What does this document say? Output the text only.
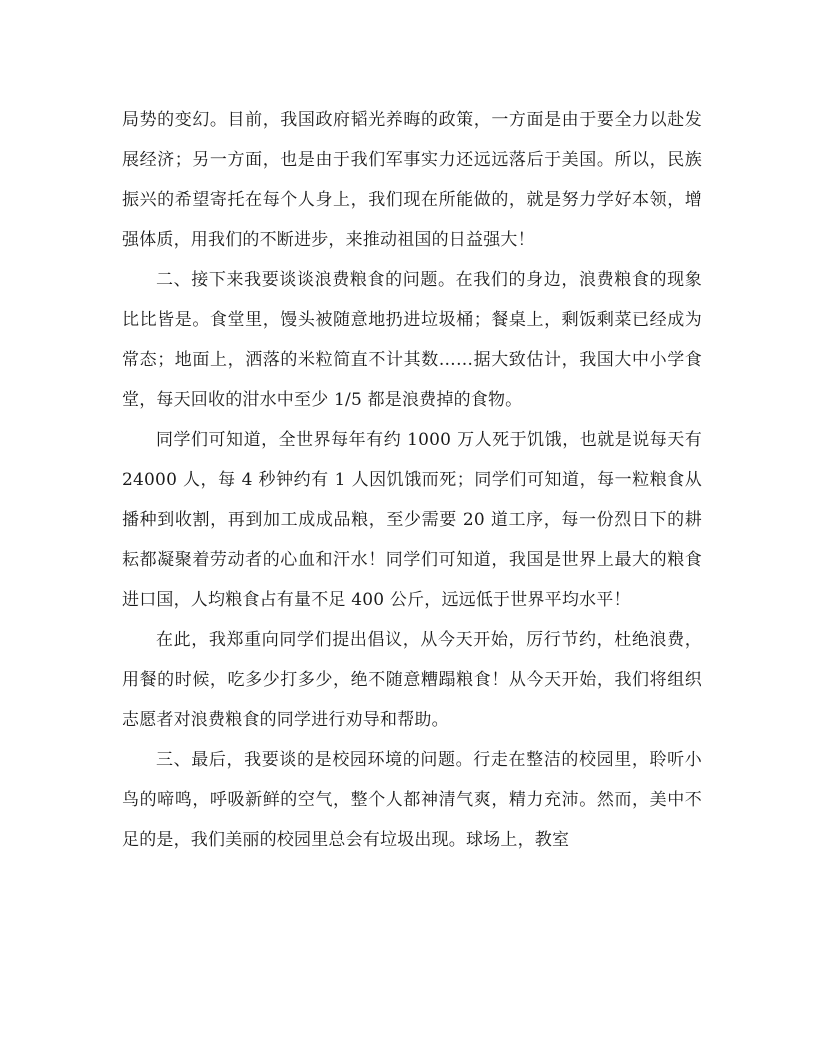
局势的变幻。目前，我国政府韬光养晦的政策，一方面是由于要全力以赴发展经济；另一方面，也是由于我们军事实力还远远落后于美国。所以，民族振兴的希望寄托在每个人身上，我们现在所能做的，就是努力学好本领，增强体质，用我们的不断进步，来推动祖国的日益强大！

二、接下来我要谈谈浪费粮食的问题。在我们的身边，浪费粮食的现象比比皆是。食堂里，馒头被随意地扔进垃圾桶；餐桌上，剩饭剩菜已经成为常态；地面上，洒落的米粒简直不计其数……据大致估计，我国大中小学食堂，每天回收的泔水中至少 1/5 都是浪费掉的食物。

同学们可知道，全世界每年有约 1000 万人死于饥饿，也就是说每天有 24000 人，每 4 秒钟约有 1 人因饥饿而死；同学们可知道，每一粒粮食从播种到收割，再到加工成成品粮，至少需要 20 道工序，每一份烈日下的耕耘都凝聚着劳动者的心血和汗水！同学们可知道，我国是世界上最大的粮食进口国，人均粮食占有量不足 400 公斤，远远低于世界平均水平！

在此，我郑重向同学们提出倡议，从今天开始，厉行节约，杜绝浪费，用餐的时候，吃多少打多少，绝不随意糟蹋粮食！从今天开始，我们将组织志愿者对浪费粮食的同学进行劝导和帮助。

三、最后，我要谈的是校园环境的问题。行走在整洁的校园里，聆听小鸟的啼鸣，呼吸新鲜的空气，整个人都神清气爽，精力充沛。然而，美中不足的是，我们美丽的校园里总会有垃圾出现。球场上，教室
